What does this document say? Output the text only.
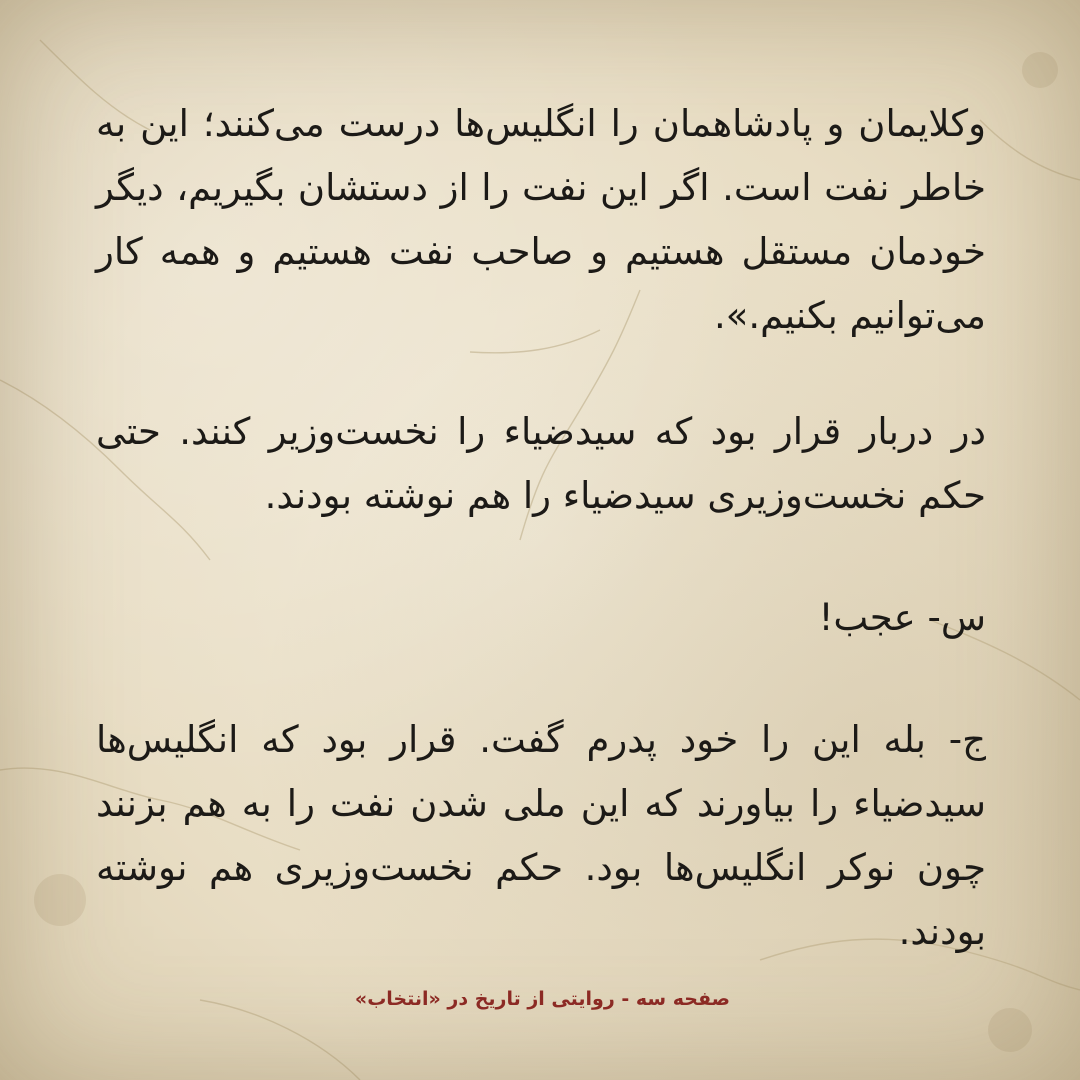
وکلایمان و پادشاهمان را انگلیس‌ها درست می‌کنند؛ این به خاطر نفت است. اگر این نفت را از دستشان بگیریم، دیگر خودمان مستقل هستیم و صاحب نفت هستیم و همه کار می‌توانیم بکنیم.».

در دربار قرار بود که سیدضیاء را نخست‌وزیر کنند. حتی حکم نخست‌وزیری سیدضیاء را هم نوشته بودند.

س- عجب!

ج- بله این را خود پدرم گفت. قرار بود که انگلیس‌ها سیدضیاء را بیاورند که این ملی شدن نفت را به هم بزنند چون نوکر انگلیس‌ها بود. حکم نخست‌وزیری هم نوشته بودند.

صفحه سه - روایتی از تاریخ در «انتخاب»
